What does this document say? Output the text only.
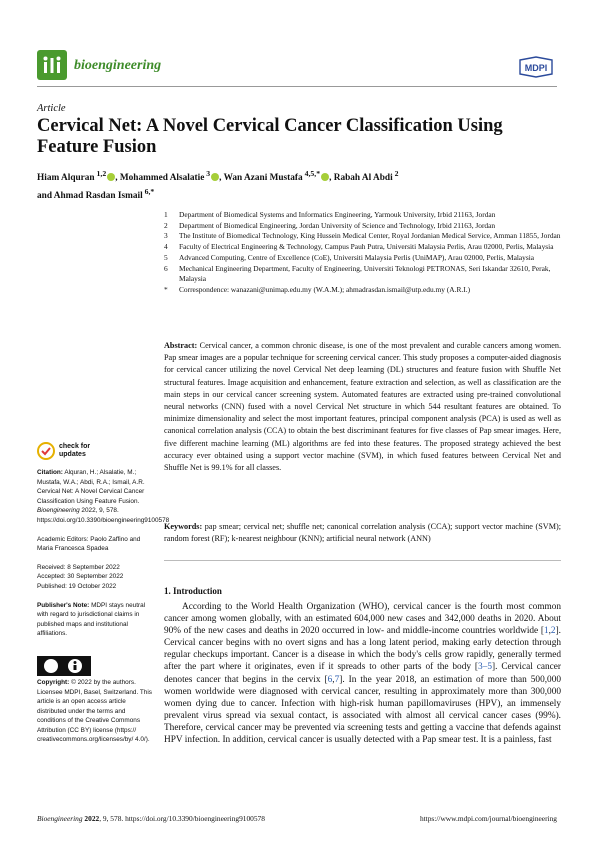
bioengineering	MDPI
Article
Cervical Net: A Novel Cervical Cancer Classification Using Feature Fusion
Hiam Alquran $^{1,2}$ , Mohammed Alsalatie $^3$ , Wan Azani Mustafa $^{4,5,*}$ , Rabah Al Abdi $^2$
and Ahmad Rasdan Ismail $^{6,*}$
1	Department of Biomedical Systems and Informatics Engineering, Yarmouk University, Irbid 21163, Jordan
2	Department of Biomedical Engineering, Jordan University of Science and Technology, Irbid 21163, Jordan
3	The Institute of Biomedical Technology, King Hussein Medical Center, Royal Jordanian Medical Service, Amman 11855, Jordan
4	Faculty of Electrical Engineering & Technology, Campus Pauh Putra, Universiti Malaysia Perlis, Arau 02000, Perlis, Malaysia
5	Advanced Computing, Centre of Excellence (CoE), Universiti Malaysia Perlis (UniMAP), Arau 02000, Perlis, Malaysia
6	Mechanical Engineering Department, Faculty of Engineering, Universiti Teknologi PETRONAS, Seri Iskandar 32610, Perak, Malaysia
*	Correspondence: wanazani@unimap.edu.my (W.A.M.); ahmadrasdan.ismail@utp.edu.my (A.R.I.)
Abstract: Cervical cancer, a common chronic disease, is one of the most prevalent and curable cancers among women. Pap smear images are a popular technique for screening cervical cancer. This study proposes a computer-aided diagnosis for cervical cancer utilizing the novel Cervical Net deep learning (DL) structures and feature fusion with Shuffle Net structural features. Image acquisition and enhancement, feature extraction and selection, as well as classification are the main steps in our cervical cancer screening system. Automated features are extracted using pre-trained convolutional neural networks (CNN) fused with a novel Cervical Net structure in which 544 resultant features are obtained. To minimize dimensionality and select the most important features, principal component analysis (PCA) is used as well as canonical correlation analysis (CCA) to obtain the best discriminant features for five classes of Pap smear images. Here, five different machine learning (ML) algorithms are fed into these features. The proposed strategy achieved the best accuracy ever obtained using a support vector machine (SVM), in which fused features between Cervical Net and Shuffle Net is 99.1% for all classes.
Keywords: pap smear; cervical net; shuffle net; canonical correlation analysis (CCA); support vector machine (SVM); random forest (RF); k-nearest neighbour (KNN); artificial neural network (ANN)
1. Introduction

According to the World Health Organization (WHO), cervical cancer is the fourth most common cancer among women globally, with an estimated 604,000 new cases and 342,000 deaths in 2020. About 90% of the new cases and deaths in 2020 occurred in low- and middle-income countries worldwide [1,2]. Cervical cancer begins with no overt signs and has a long latent period, making early detection through regular checkups important. Cancer is a disease in which the body's cells grow rapidly, generally termed after the part where it originates, even if it spreads to other parts of the body [3–5]. Cervical cancer denotes cancer that begins in the cervix [6,7]. In the year 2018, an estimation of more than 500,000 women worldwide were diagnosed with cervical cancer, resulting in approximately more than 300,000 women dying due to cancer. Infection with high-risk human papillomaviruses (HPV), an immensely prevalent virus spread via sexual contact, is associated with almost all cervical cancer cases (99%). Therefore, cervical cancer may be prevented via screening tests and getting a vaccine that defends against HPV infection. In addition, cervical cancer is usually detected with a Pap smear test. It is a painless, fast

check for
updates

Citation: Alquran, H.; Alsalatie, M.; Mustafa, W.A.; Abdi, R.A.; Ismail, A.R. Cervical Net: A Novel Cervical Cancer Classification Using Feature Fusion. Bioengineering 2022, 9, 578. https://doi.org/10.3390/bioengineering9100578

Academic Editors: Paolo Zaffino and Maria Francesca Spadea

Received: 8 September 2022
Accepted: 30 September 2022
Published: 19 October 2022

Publisher's Note: MDPI stays neutral with regard to jurisdictional claims in published maps and institutional affiliations.

Copyright: © 2022 by the authors. Licensee MDPI, Basel, Switzerland. This article is an open access article distributed under the terms and conditions of the Creative Commons Attribution (CC BY) license (https:// creativecommons.org/licenses/by/ 4.0/).

Bioengineering 2022, 9, 578. https://doi.org/10.3390/bioengineering9100578	https://www.mdpi.com/journal/bioengineering
